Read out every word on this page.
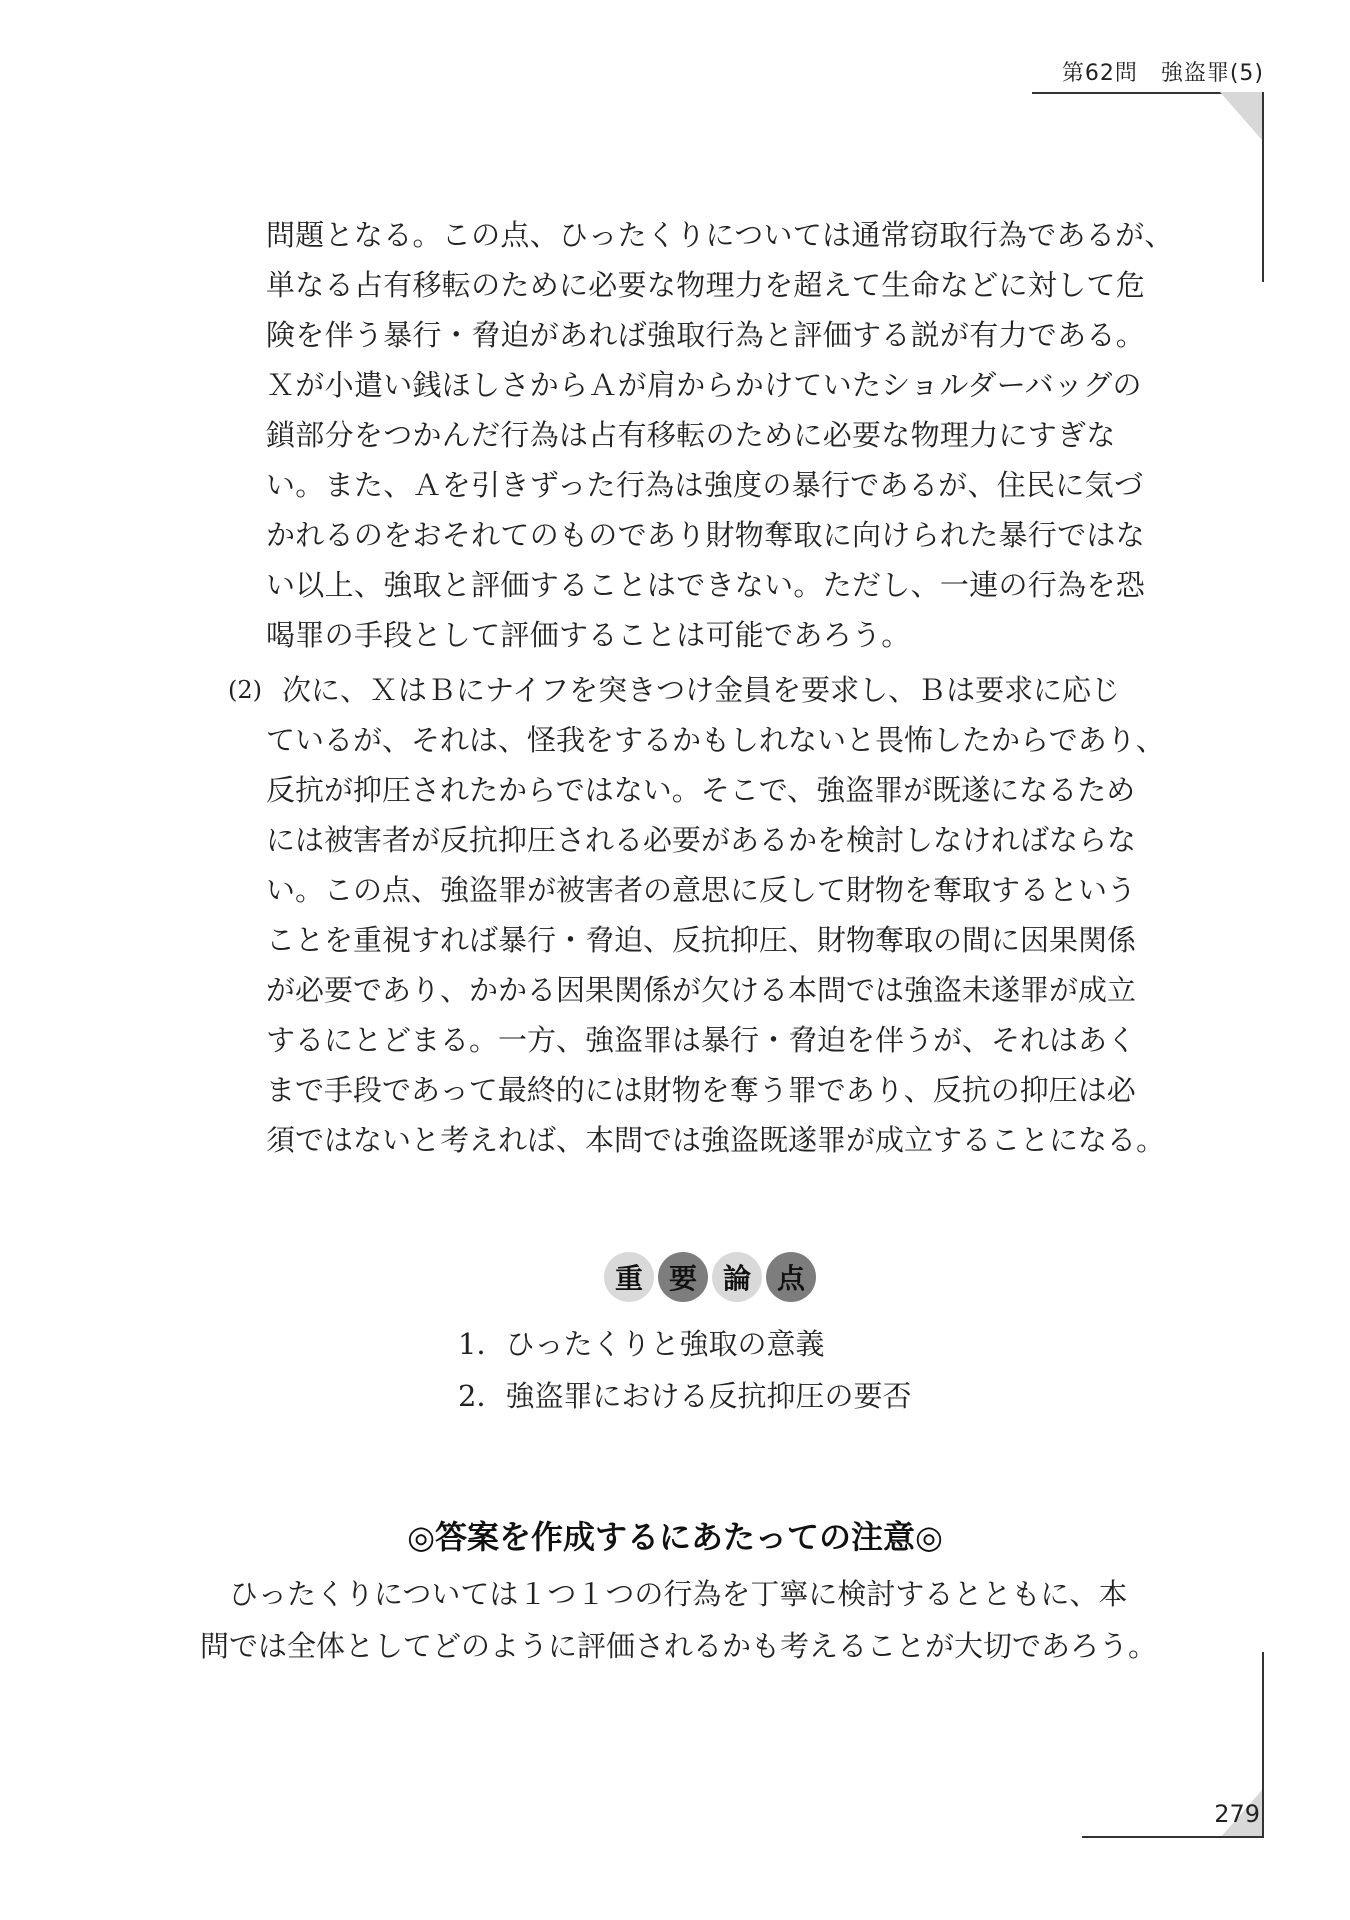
第62問　強盗罪(5)
問題となる。この点、ひったくりについては通常窃取行為であるが、
単なる占有移転のために必要な物理力を超えて生命などに対して危
険を伴う暴行・脅迫があれば強取行為と評価する説が有力である。
Ｘが小遣い銭ほしさからＡが肩からかけていたショルダーバッグの
鎖部分をつかんだ行為は占有移転のために必要な物理力にすぎな
い。また、Ａを引きずった行為は強度の暴行であるが、住民に気づ
かれるのをおそれてのものであり財物奪取に向けられた暴行ではな
い以上、強取と評価することはできない。ただし、一連の行為を恐
喝罪の手段として評価することは可能であろう。
(2) 次に、ＸはＢにナイフを突きつけ金員を要求し、Ｂは要求に応じ
ているが、それは、怪我をするかもしれないと畏怖したからであり、
反抗が抑圧されたからではない。そこで、強盗罪が既遂になるため
には被害者が反抗抑圧される必要があるかを検討しなければならな
い。この点、強盗罪が被害者の意思に反して財物を奪取するという
ことを重視すれば暴行・脅迫、反抗抑圧、財物奪取の間に因果関係
が必要であり、かかる因果関係が欠ける本問では強盗未遂罪が成立
するにとどまる。一方、強盗罪は暴行・脅迫を伴うが、それはあく
まで手段であって最終的には財物を奪う罪であり、反抗の抑圧は必
須ではないと考えれば、本問では強盗既遂罪が成立することになる。
重 要 論 点
1．ひったくりと強取の意義
2．強盗罪における反抗抑圧の要否
◎答案を作成するにあたっての注意◎
　ひったくりについては１つ１つの行為を丁寧に検討するとともに、本
問では全体としてどのように評価されるかも考えることが大切であろう。
279
